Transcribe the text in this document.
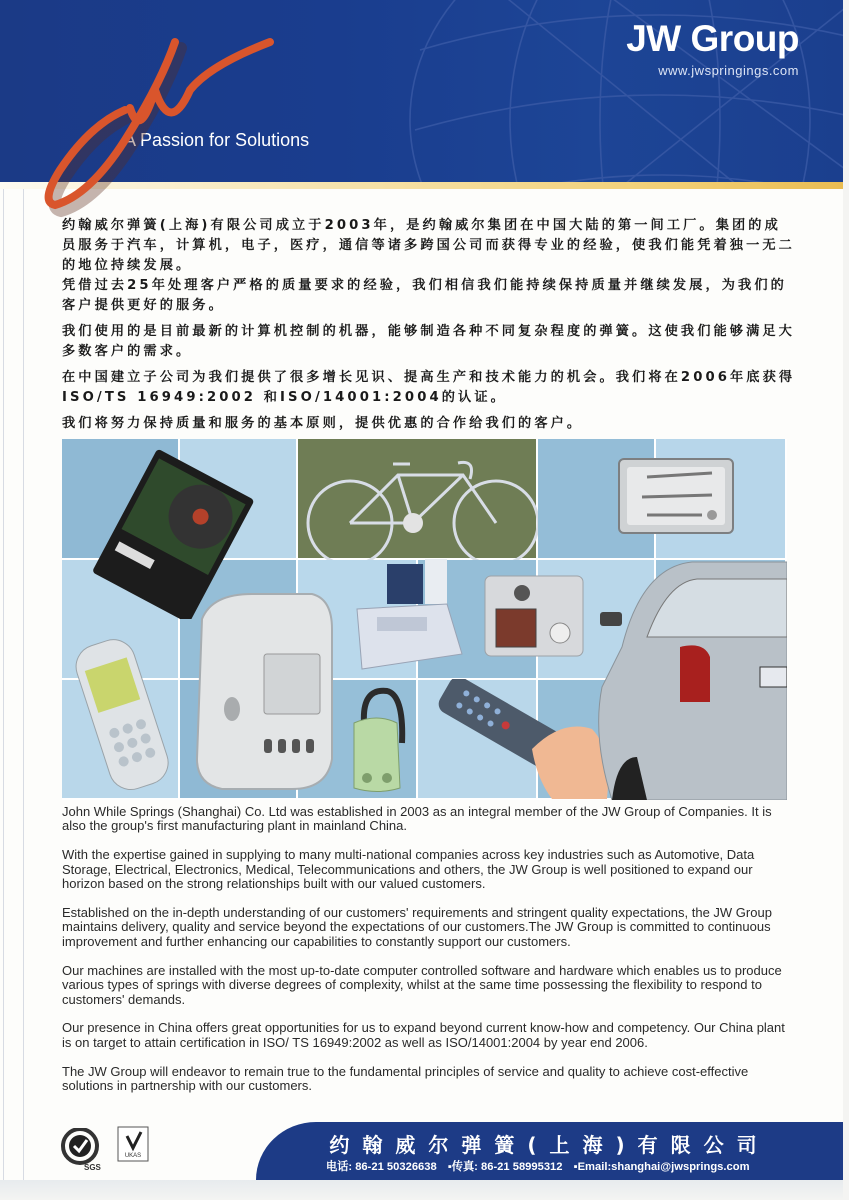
JW Group
www.jwspringings.com
A Passion for Solutions

约翰威尔弹簧(上海)有限公司成立于2003年，是约翰威尔集团在中国大陆的第一间工厂。集团的成员服务于汽车，计算机，电子，医疗，通信等诸多跨国公司而获得专业的经验，使我们能凭着独一无二的地位持续发展。

凭借过去25年处理客户严格的质量要求的经验，我们相信我们能持续保持质量并继续发展，为我们的客户提供更好的服务。

我们使用的是目前最新的计算机控制的机器，能够制造各种不同复杂程度的弹簧。这使我们能够满足大多数客户的需求。

在中国建立子公司为我们提供了很多增长见识、提高生产和技术能力的机会。我们将在2006年底获得ISO/TS 16949:2002 和ISO/14001:2004的认证。

我们将努力保持质量和服务的基本原则，提供优惠的合作给我们的客户。

John While Springs (Shanghai) Co. Ltd was established in 2003 as an integral member of the JW Group of Companies. It is also the group's first manufacturing plant in mainland China.

With the expertise gained in supplying to many multi-national companies across key industries such as Automotive, Data Storage, Electrical, Electronics, Medical, Telecommunications and others, the JW Group is well positioned to expand our horizon based on the strong relationships built with our valued customers.

Established on the in-depth understanding of our customers' requirements and stringent quality expectations, the JW Group maintains delivery, quality and service beyond the expectations of our customers.The JW Group is committed to continuous improvement and further enhancing our capabilities to constantly support our customers.

Our machines are installed with the most up-to-date computer controlled software and hardware which enables us to produce various types of springs with diverse degrees of complexity, whilst at the same time possessing the flexibility to respond to customers' demands.

Our presence in China offers great opportunities for us to expand beyond current know-how and competency. Our China plant is on target to attain certification in ISO/ TS 16949:2002 as well as ISO/14001:2004 by year end 2006.

The JW Group will endeavor to remain true to the fundamental principles of service and quality to achieve cost-effective solutions in partnership with our customers.

SGS
UKAS	约翰威尔弹簧(上海)有限公司
电话: 86-21 50326638 ▪传真: 86-21 58995312 ▪Email:shanghai@jwsprings.com
